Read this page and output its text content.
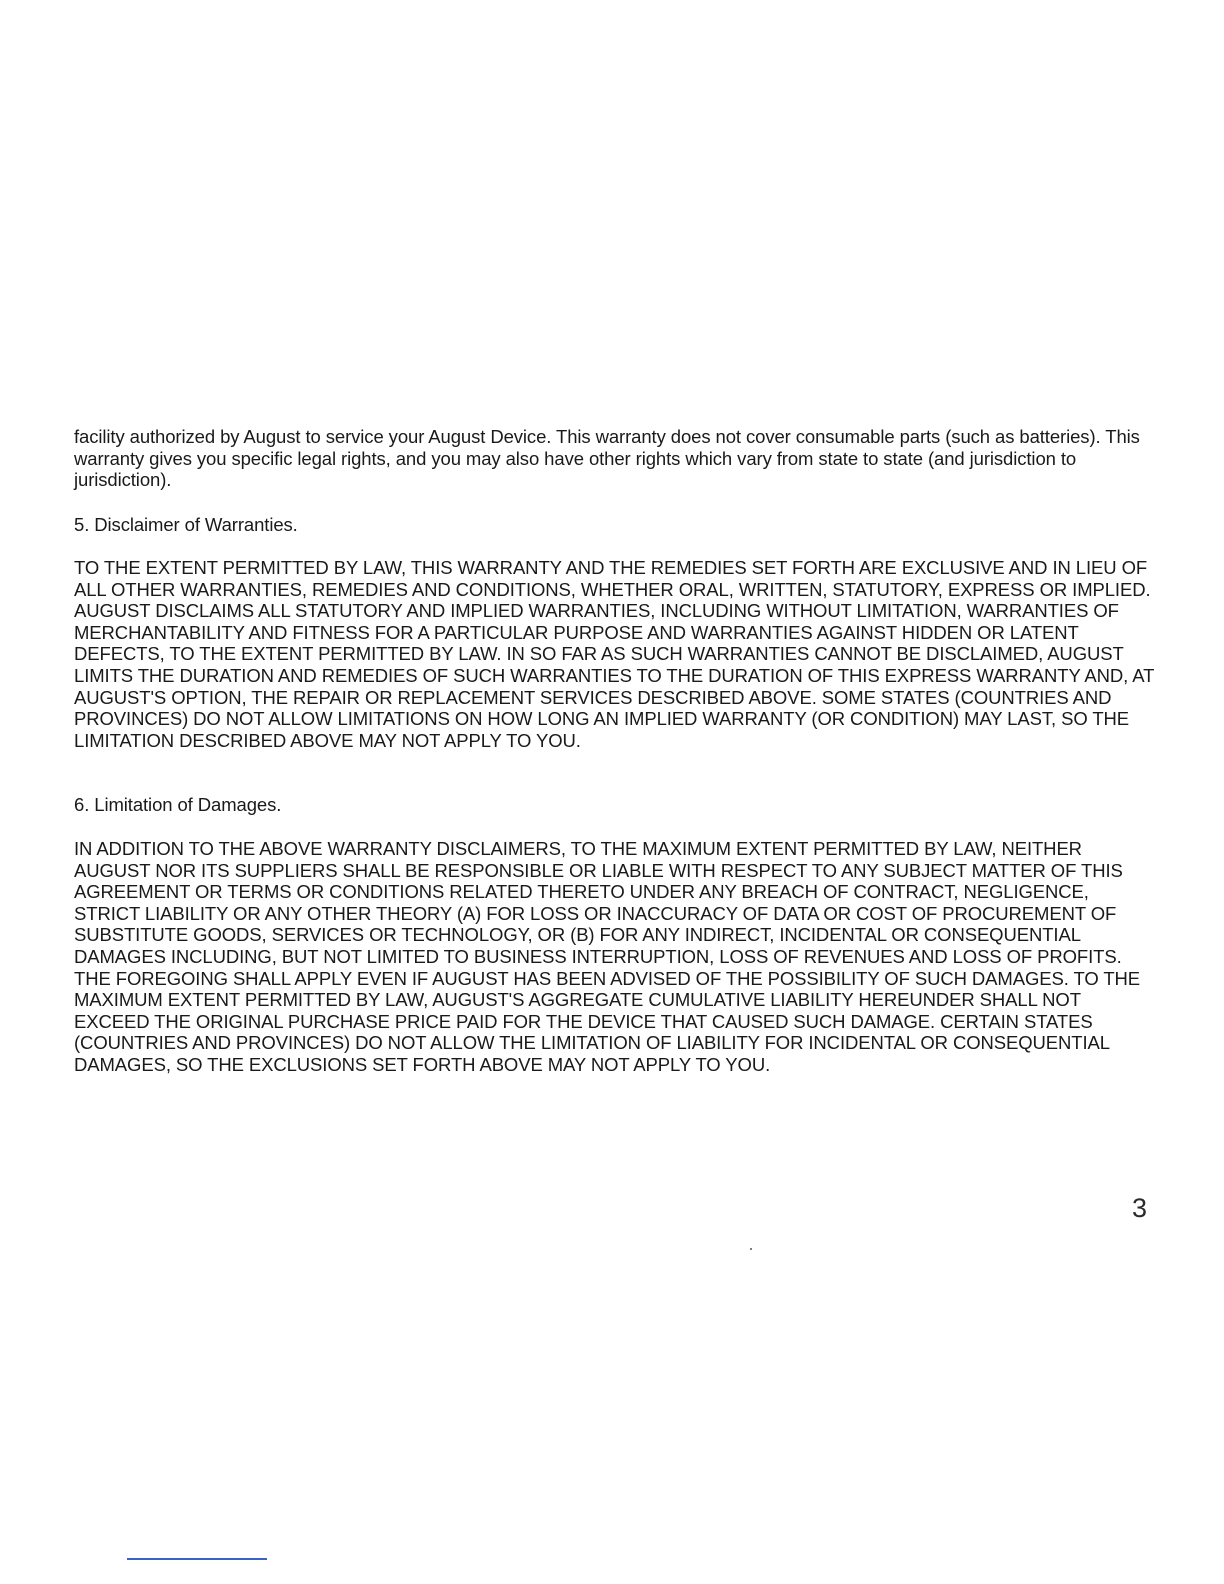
facility authorized by August to service your August Device. This warranty does not cover consumable parts (such as batteries). This warranty gives you specific legal rights, and you may also have other rights which vary from state to state (and jurisdiction to jurisdiction).

5. Disclaimer of Warranties.

TO THE EXTENT PERMITTED BY LAW, THIS WARRANTY AND THE REMEDIES SET FORTH ARE EXCLUSIVE AND IN LIEU OF ALL OTHER WARRANTIES, REMEDIES AND CONDITIONS, WHETHER ORAL, WRITTEN, STATUTORY, EXPRESS OR IMPLIED. AUGUST DISCLAIMS ALL STATUTORY AND IMPLIED WARRANTIES, INCLUDING WITHOUT LIMITATION, WARRANTIES OF MERCHANTABILITY AND FITNESS FOR A PARTICULAR PURPOSE AND WARRANTIES AGAINST HIDDEN OR LATENT DEFECTS, TO THE EXTENT PERMITTED BY LAW. IN SO FAR AS SUCH WARRANTIES CANNOT BE DISCLAIMED, AUGUST LIMITS THE DURATION AND REMEDIES OF SUCH WARRANTIES TO THE DURATION OF THIS EXPRESS WARRANTY AND, AT AUGUST'S OPTION, THE REPAIR OR REPLACEMENT SERVICES DESCRIBED ABOVE. SOME STATES (COUNTRIES AND PROVINCES) DO NOT ALLOW LIMITATIONS ON HOW LONG AN IMPLIED WARRANTY (OR CONDITION) MAY LAST, SO THE LIMITATION DESCRIBED ABOVE MAY NOT APPLY TO YOU.

6. Limitation of Damages.

IN ADDITION TO THE ABOVE WARRANTY DISCLAIMERS, TO THE MAXIMUM EXTENT PERMITTED BY LAW, NEITHER AUGUST NOR ITS SUPPLIERS SHALL BE RESPONSIBLE OR LIABLE WITH RESPECT TO ANY SUBJECT MATTER OF THIS AGREEMENT OR TERMS OR CONDITIONS RELATED THERETO UNDER ANY BREACH OF CONTRACT, NEGLIGENCE, STRICT LIABILITY OR ANY OTHER THEORY (A) FOR LOSS OR INACCURACY OF DATA OR COST OF PROCUREMENT OF SUBSTITUTE GOODS, SERVICES OR TECHNOLOGY, OR (B) FOR ANY INDIRECT, INCIDENTAL OR CONSEQUENTIAL DAMAGES INCLUDING, BUT NOT LIMITED TO BUSINESS INTERRUPTION, LOSS OF REVENUES AND LOSS OF PROFITS. THE FOREGOING SHALL APPLY EVEN IF AUGUST HAS BEEN ADVISED OF THE POSSIBILITY OF SUCH DAMAGES. TO THE MAXIMUM EXTENT PERMITTED BY LAW, AUGUST'S AGGREGATE CUMULATIVE LIABILITY HEREUNDER SHALL NOT EXCEED THE ORIGINAL PURCHASE PRICE PAID FOR THE DEVICE THAT CAUSED SUCH DAMAGE. CERTAIN STATES (COUNTRIES AND PROVINCES) DO NOT ALLOW THE LIMITATION OF LIABILITY FOR INCIDENTAL OR CONSEQUENTIAL DAMAGES, SO THE EXCLUSIONS SET FORTH ABOVE MAY NOT APPLY TO YOU.

3
